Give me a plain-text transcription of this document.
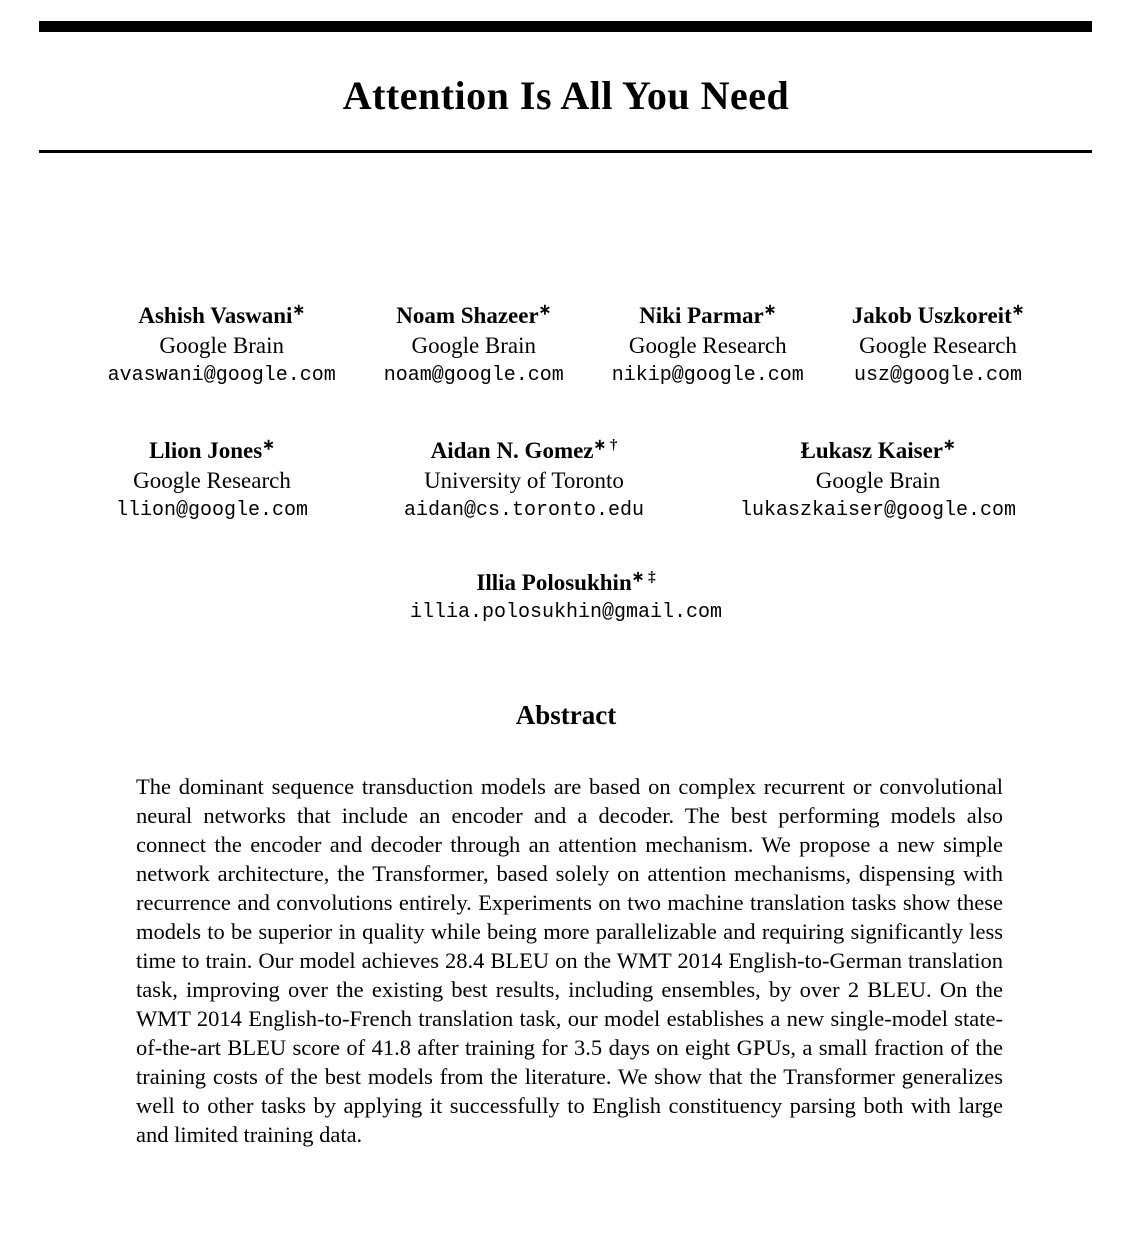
Attention Is All You Need
Ashish Vaswani∗
Google Brain
avaswani@google.com
Noam Shazeer∗
Google Brain
noam@google.com
Niki Parmar∗
Google Research
nikip@google.com
Jakob Uszkoreit∗
Google Research
usz@google.com
Llion Jones∗
Google Research
llion@google.com
Aidan N. Gomez∗ †
University of Toronto
aidan@cs.toronto.edu
Łukasz Kaiser∗
Google Brain
lukaszkaiser@google.com
Illia Polosukhin∗ ‡
illia.polosukhin@gmail.com
Abstract
The dominant sequence transduction models are based on complex recurrent or convolutional neural networks that include an encoder and a decoder. The best performing models also connect the encoder and decoder through an attention mechanism. We propose a new simple network architecture, the Transformer, based solely on attention mechanisms, dispensing with recurrence and convolutions entirely. Experiments on two machine translation tasks show these models to be superior in quality while being more parallelizable and requiring significantly less time to train. Our model achieves 28.4 BLEU on the WMT 2014 English-to-German translation task, improving over the existing best results, including ensembles, by over 2 BLEU. On the WMT 2014 English-to-French translation task, our model establishes a new single-model state-of-the-art BLEU score of 41.8 after training for 3.5 days on eight GPUs, a small fraction of the training costs of the best models from the literature. We show that the Transformer generalizes well to other tasks by applying it successfully to English constituency parsing both with large and limited training data.
